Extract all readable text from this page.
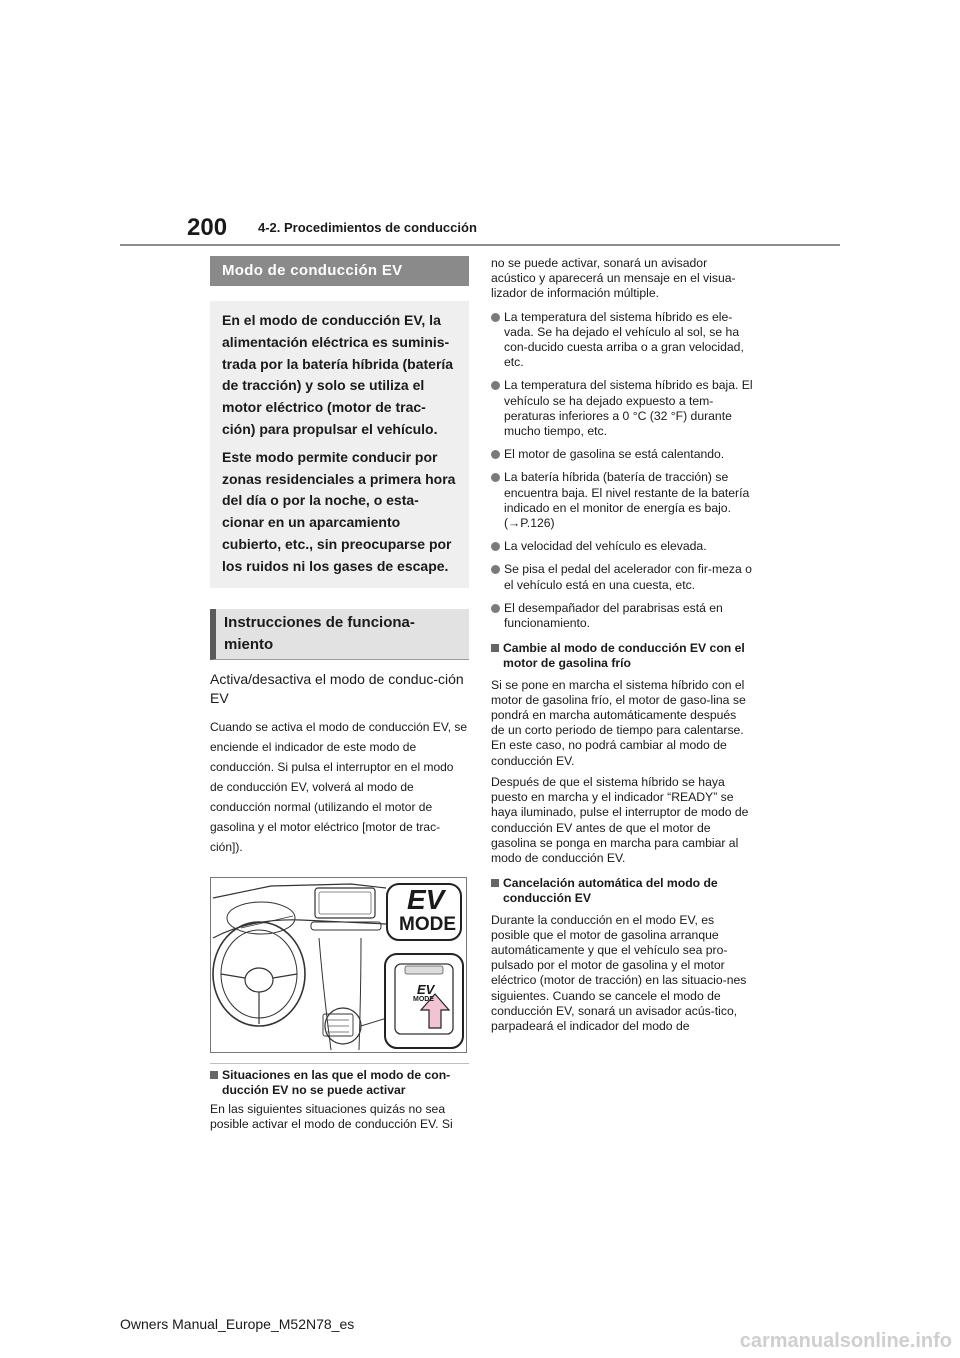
200 4-2. Procedimientos de conducción
Modo de conducción EV

En el modo de conducción EV, la alimentación eléctrica es suminis-trada por la batería híbrida (batería de tracción) y solo se utiliza el motor eléctrico (motor de trac-ción) para propulsar el vehículo.

Este modo permite conducir por zonas residenciales a primera hora del día o por la noche, o esta-cionar en un aparcamiento cubierto, etc., sin preocuparse por los ruidos ni los gases de escape.

Instrucciones de funciona-miento
Activa/desactiva el modo de conduc-ción EV
Cuando se activa el modo de conducción EV, se enciende el indicador de este modo de conducción. Si pulsa el interruptor en el modo de conducción EV, volverá al modo de conducción normal (utilizando el motor de gasolina y el motor eléctrico [motor de trac-ción]).
EV
MODE
EV
MODE
Situaciones en las que el modo de con-ducción EV no se puede activar
En las siguientes situaciones quizás no sea posible activar el modo de conducción EV. Si
no se puede activar, sonará un avisador acústico y aparecerá un mensaje en el visua-lizador de información múltiple.
La temperatura del sistema híbrido es ele-vada. Se ha dejado el vehículo al sol, se ha con-ducido cuesta arriba o a gran velocidad, etc.
La temperatura del sistema híbrido es baja. El vehículo se ha dejado expuesto a tem-peraturas inferiores a 0 °C (32 °F) durante mucho tiempo, etc.
El motor de gasolina se está calentando.
La batería híbrida (batería de tracción) se encuentra baja. El nivel restante de la batería indicado en el monitor de energía es bajo. (→P.126)
La velocidad del vehículo es elevada.
Se pisa el pedal del acelerador con fir-meza o el vehículo está en una cuesta, etc.
El desempañador del parabrisas está en funcionamiento.
Cambie al modo de conducción EV con el motor de gasolina frío

Si se pone en marcha el sistema híbrido con el motor de gasolina frío, el motor de gaso-lina se pondrá en marcha automáticamente después de un corto periodo de tiempo para calentarse. En este caso, no podrá cambiar al modo de conducción EV.

Después de que el sistema híbrido se haya puesto en marcha y el indicador “READY” se haya iluminado, pulse el interruptor de modo de conducción EV antes de que el motor de gasolina se ponga en marcha para cambiar al modo de conducción EV.

Cancelación automática del modo de conducción EV

Durante la conducción en el modo EV, es posible que el motor de gasolina arranque automáticamente y que el vehículo sea pro-pulsado por el motor de gasolina y el motor eléctrico (motor de tracción) en las situacio-nes siguientes. Cuando se cancele el modo de conducción EV, sonará un avisador acús-tico, parpadeará el indicador del modo de

Owners Manual_Europe_M52N78_es
carmanualsonline.info
